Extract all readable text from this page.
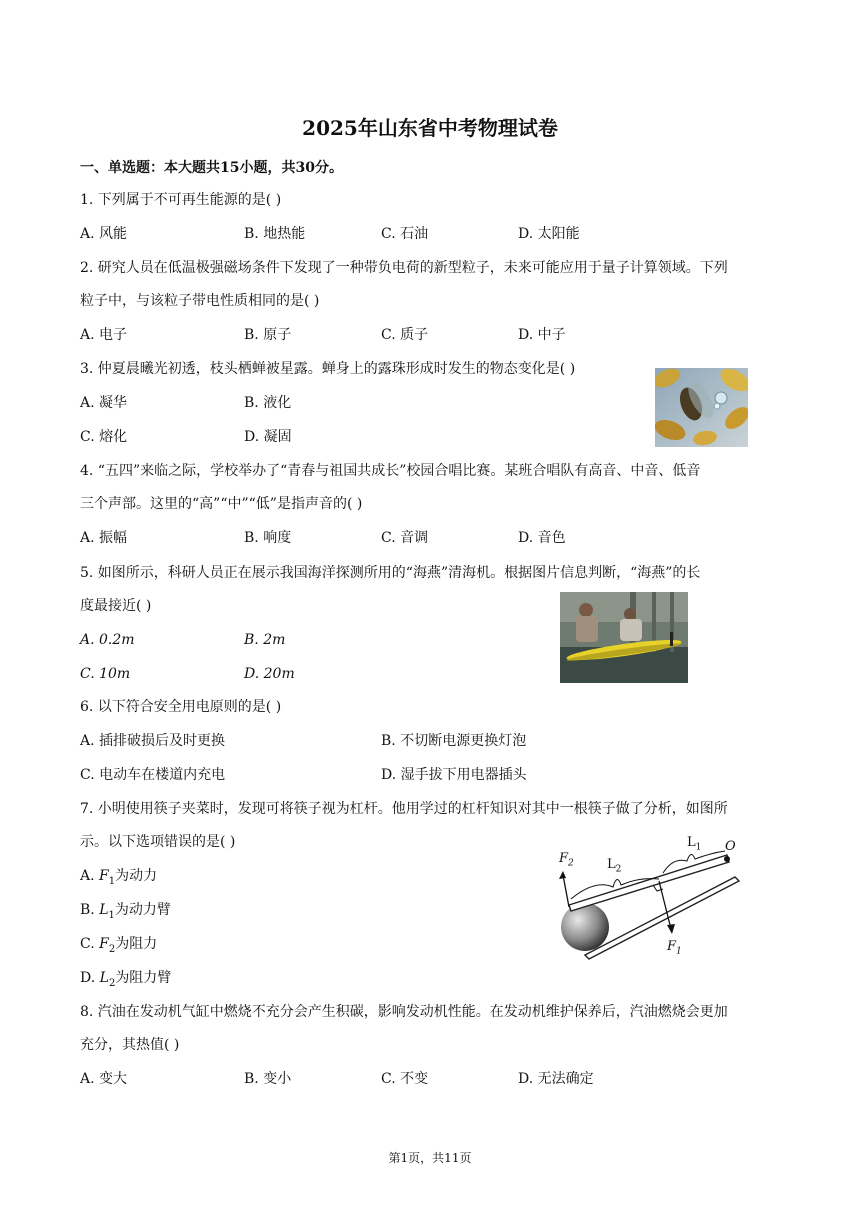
2025年山东省中考物理试卷
一、单选题：本大题共15小题，共30分。
1. 下列属于不可再生能源的是( )
A. 风能	B. 地热能	C. 石油	D. 太阳能
2. 研究人员在低温极强磁场条件下发现了一种带负电荷的新型粒子，未来可能应用于量子计算领域。下列
粒子中，与该粒子带电性质相同的是( )
A. 电子	B. 原子	C. 质子	D. 中子
3. 仲夏晨曦光初透，枝头栖蝉被星露。蝉身上的露珠形成时发生的物态变化是( )
A. 凝华	B. 液化
C. 熔化	D. 凝固
4. “五四”来临之际，学校举办了“青春与祖国共成长”校园合唱比赛。某班合唱队有高音、中音、低音
三个声部。这里的“高”“中”“低”是指声音的( )
A. 振幅	B. 响度	C. 音调	D. 音色
5. 如图所示，科研人员正在展示我国海洋探测所用的“海燕”清海机。根据图片信息判断，“海燕”的长
度最接近( )
A. 0.2m	B. 2m
C. 10m	D. 20m
6. 以下符合安全用电原则的是( )
A. 插排破损后及时更换	B. 不切断电源更换灯泡
C. 电动车在楼道内充电	D. 湿手拔下用电器插头
7. 小明使用筷子夹菜时，发现可将筷子视为杠杆。他用学过的杠杆知识对其中一根筷子做了分析，如图所
示。以下选项错误的是( )
A. $F_1$为动力
B. $L_1$为动力臂
C. $F_2$为阻力
D. $L_2$为阻力臂
$F_2$	$L_2$
$L_1$ O
$F_1$
8. 汽油在发动机气缸中燃烧不充分会产生积碳，影响发动机性能。在发动机维护保养后，汽油燃烧会更加
充分，其热值( )
A. 变大	B. 变小	C. 不变	D. 无法确定
第1页，共11页
